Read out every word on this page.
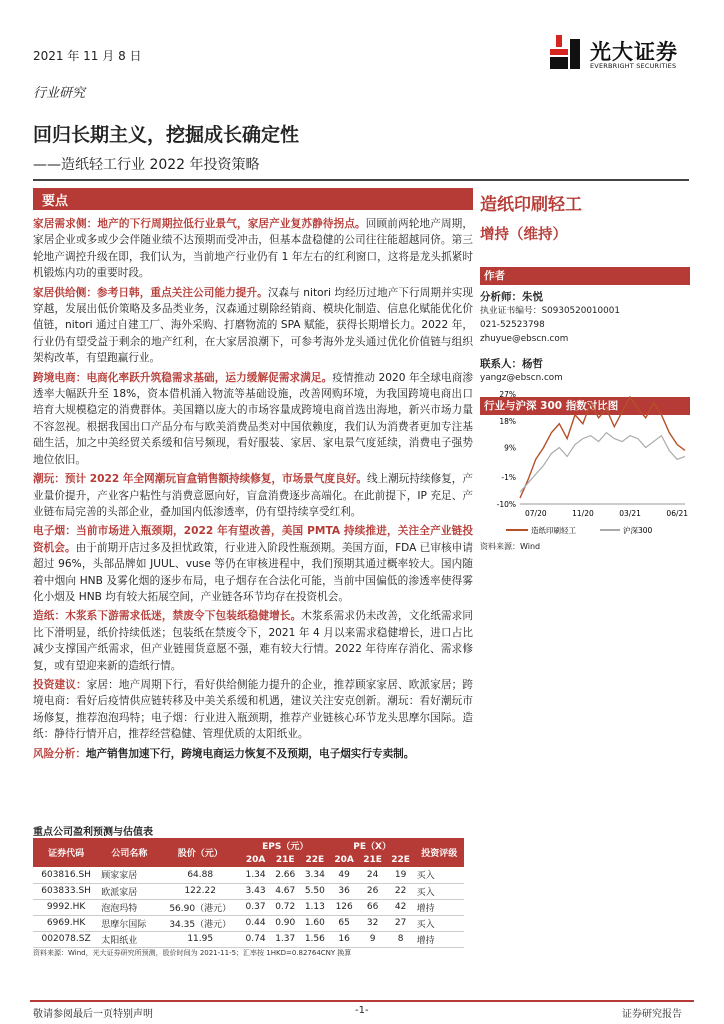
2021 年 11 月 8 日
行业研究
光大证券
EVERBRIGHT SECURITIES
回归长期主义，挖掘成长确定性
——造纸轻工行业 2022 年投资策略
要点

家居需求侧：地产的下行周期拉低行业景气，家居产业复苏静待拐点。回顾前两轮地产周期，家居企业或多或少会伴随业绩不达预期而受冲击，但基本盘稳健的公司往往能超越同侪。第三轮地产调控升级在即，我们认为，当前地产行业仍有 1 年左右的红利窗口，这将是龙头抓紧时机锻炼内功的重要时段。

家居供给侧：参考日韩，重点关注公司能力提升。汉森与 nitori 均经历过地产下行周期并实现穿越，发展出低价策略及多品类业务，汉森通过剔除经销商、模块化制造、信息化赋能优化价值链，nitori 通过自建工厂、海外采购、打磨物流的 SPA 赋能，获得长期增长力。2022 年，行业仍有望受益于剩余的地产红利，在大家居浪潮下，可参考海外龙头通过优化价值链与组织架构改革，有望跑赢行业。

跨境电商：电商化率跃升筑稳需求基础，运力缓解促需求满足。疫情推动 2020 年全球电商渗透率大幅跃升至 18%，资本借机涌入物流等基础设施，改善网购环境，为我国跨境电商出口培育大规模稳定的消费群体。美国籍以庞大的市场容量成跨境电商首选出海地，新兴市场力量不容忽视。根据我国出口产品分布与欧美消费品类对中国依赖度，我们认为消费者更加专注基础生活，加之中美经贸关系缓和信号频现，看好服装、家居、家电景气度延续，消费电子强势地位依旧。

潮玩：预计 2022 年全网潮玩盲盒销售额持续修复，市场景气度良好。线上潮玩持续修复，产业量价提升，产业客户粘性与消费意愿向好，盲盒消费逐步高端化。在此前提下，IP 充足、产业链布局完善的头部企业，叠加国内低渗透率，仍有望持续享受红利。

电子烟：当前市场进入瓶颈期，2022 年有望改善，美国 PMTA 持续推进，关注全产业链投资机会。由于前期开店过多及担忧政策，行业进入阶段性瓶颈期。美国方面，FDA 已审核申请超过 96%，头部品牌如 JUUL、vuse 等仍在审核进程中，我们预期其通过概率较大。国内随着中烟向 HNB 及雾化烟的逐步布局，电子烟存在合法化可能，当前中国偏低的渗透率使得雾化小烟及 HNB 均有较大拓展空间，产业链各环节均存在投资机会。

造纸：木浆系下游需求低迷，禁废令下包装纸稳健增长。木浆系需求仍未改善，文化纸需求同比下滑明显，纸价持续低迷；包装纸在禁废令下，2021 年 4 月以来需求稳健增长，进口占比减少支撑国产纸需求，但产业链囤货意愿不强，难有较大行情。2022 年待库存消化、需求修复，或有望迎来新的造纸行情。

投资建议：家居：地产周期下行，看好供给侧能力提升的企业，推荐顾家家居、欧派家居；跨境电商：看好后疫情供应链转移及中美关系缓和机遇，建议关注安克创新。潮玩：看好潮玩市场修复，推荐泡泡玛特；电子烟：行业进入瓶颈期，推荐产业链核心环节龙头思摩尔国际。造纸：静待行情开启，推荐经营稳健、管理优质的太阳纸业。

风险分析：地产销售加速下行，跨境电商运力恢复不及预期，电子烟实行专卖制。

造纸印刷轻工
增持（维持）
作者
分析师：朱悦
执业证书编号：S0930520010001
021-52523798
zhuyue@ebscn.com
联系人：杨哲
yangz@ebscn.com
行业与沪深 300 指数对比图
27%
18%
9%
-1%
-10%
07/20	11/20	03/21	06/21
造纸印刷轻工	沪深300
资料来源：Wind
重点公司盈利预测与估值表
证券代码	公司名称	股价（元）	EPS（元）			PE（X）			投资评级
			20A	21E	22E	20A	21E	22E	
603816.SH	顾家家居	64.88	1.34	2.66	3.34	49	24	19	买入
603833.SH	欧派家居	122.22	3.43	4.67	5.50	36	26	22	买入
9992.HK	泡泡玛特	56.90（港元）	0.37	0.72	1.13	126	66	42	增持
6969.HK	思摩尔国际	34.35（港元）	0.44	0.90	1.60	65	32	27	买入
002078.SZ	太阳纸业	11.95	0.74	1.37	1.56	16	9	8	增持
资料来源：Wind，光大证券研究所预测，股价时间为 2021-11-5；汇率按 1HKD=0.82764CNY 换算
敬请参阅最后一页特别声明	-1-	证券研究报告
